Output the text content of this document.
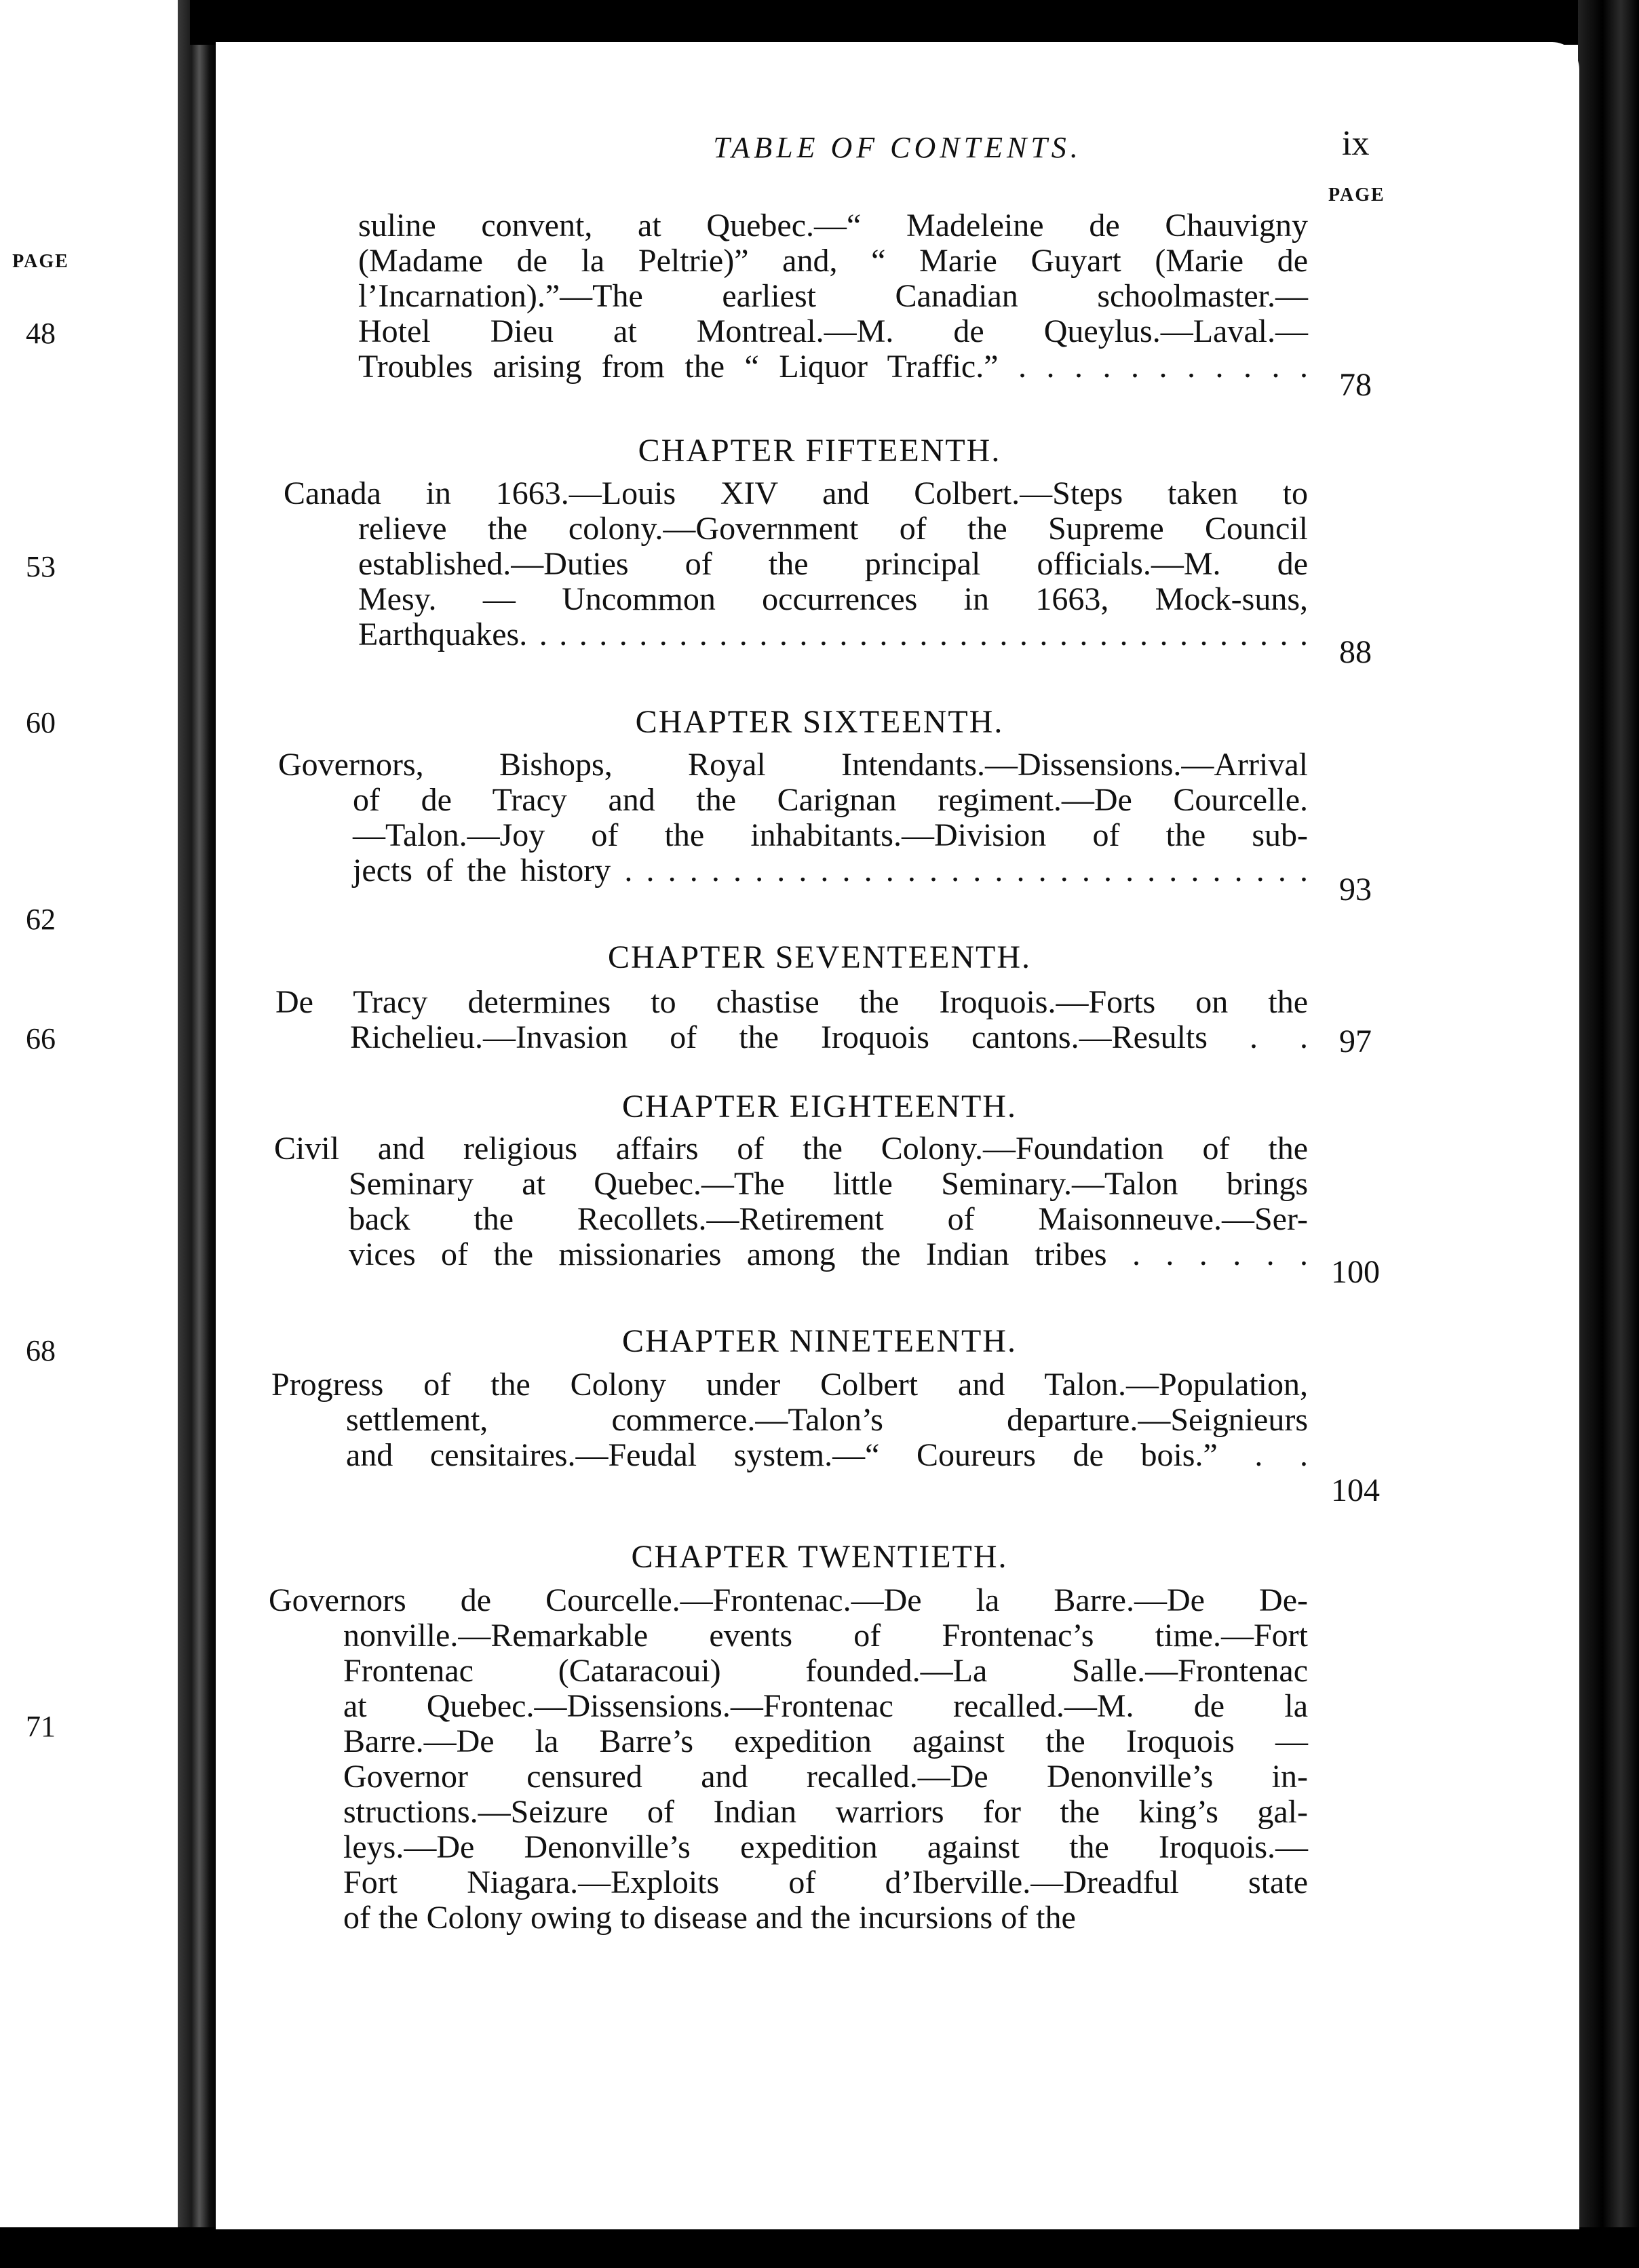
PAGE
48
53
60
62
66
68
71
TABLE OF CONTENTS.	ix
PAGE
suline convent, at Quebec.—“ Madeleine de Chauvigny
(Madame de la Peltrie)” and, “ Marie Guyart (Marie de
l’Incarnation).”—The earliest Canadian schoolmaster.—
Hotel Dieu at Montreal.—M. de Queylus.—Laval.—
Troubles arising from the “ Liquor Traffic.” . . . . . . . . . . .
78
CHAPTER FIFTEENTH.
Canada in 1663.—Louis XIV and Colbert.—Steps taken to
relieve the colony.—Government of the Supreme Council
established.—Duties of the principal officials.—M. de
Mesy. — Uncommon occurrences in 1663, Mock-suns,
Earthquakes. . . . . . . . . . . . . . . . . . . . . . . . . . . . . . . . . . . . . . . . 88
CHAPTER SIXTEENTH.
Governors, Bishops, Royal Intendants.—Dissensions.—Arrival
of de Tracy and the Carignan regiment.—De Courcelle.
—Talon.—Joy of the inhabitants.—Division of the sub-
jects of the history . . . . . . . . . . . . . . . . . . . . . . . . . . . . . . . .
93
CHAPTER SEVENTEENTH.
De Tracy determines to chastise the Iroquois.—Forts on the
Richelieu.—Invasion of the Iroquois cantons.—Results . . 97
CHAPTER EIGHTEENTH.
Civil and religious affairs of the Colony.—Foundation of the
Seminary at Quebec.—The little Seminary.—Talon brings
back the Recollets.—Retirement of Maisonneuve.—Ser-
vices of the missionaries among the Indian tribes . . . . . . 100
CHAPTER NINETEENTH.
Progress of the Colony under Colbert and Talon.—Population,
settlement, commerce.—Talon’s departure.—Seignieurs
and censitaires.—Feudal system.—“ Coureurs de bois.” . .
104
CHAPTER TWENTIETH.
Governors de Courcelle.—Frontenac.—De la Barre.—De De-
nonville.—Remarkable events of Frontenac’s time.—Fort
Frontenac (Cataracoui) founded.—La Salle.—Frontenac
at Quebec.—Dissensions.—Frontenac recalled.—M. de la
Barre.—De la Barre’s expedition against the Iroquois —
Governor censured and recalled.—De Denonville’s in-
structions.—Seizure of Indian warriors for the king’s gal-
leys.—De Denonville’s expedition against the Iroquois.—
Fort Niagara.—Exploits of d’Iberville.—Dreadful state
of the Colony owing to disease and the incursions of the
